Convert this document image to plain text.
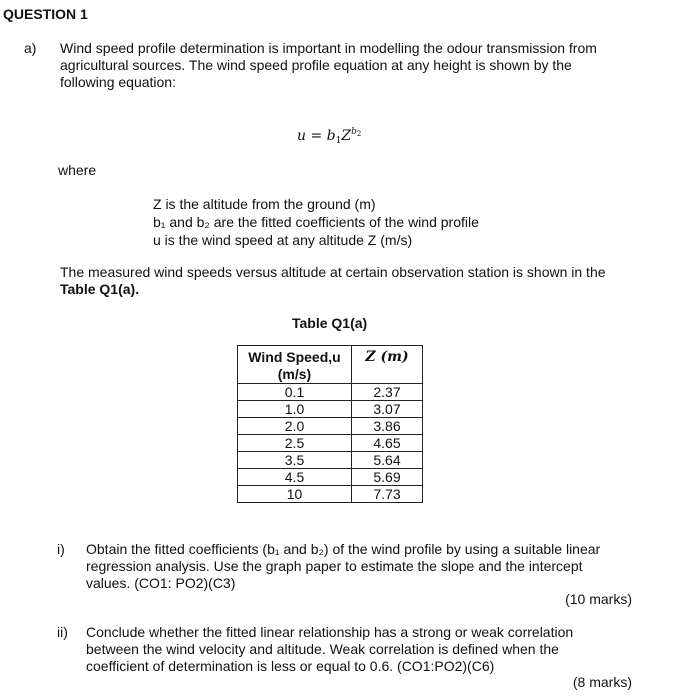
QUESTION 1
a) Wind speed profile determination is important in modelling the odour transmission from
agricultural sources. The wind speed profile equation at any height is shown by the
following equation:
$u = b_1Z^{b_2}$
where
Z is the altitude from the ground (m)
b₁ and b₂ are the fitted coefficients of the wind profile
u is the wind speed at any altitude Z (m/s)
The measured wind speeds versus altitude at certain observation station is shown in the
Table Q1(a).
Table Q1(a)
Wind Speed,u
(m/s)	Z (m)
0.1	2.37
1.0	3.07
2.0	3.86
2.5	4.65
3.5	5.64
4.5	5.69
10	7.73
i) Obtain the fitted coefficients (b₁ and b₂) of the wind profile by using a suitable linear
regression analysis. Use the graph paper to estimate the slope and the intercept
values. (CO1: PO2)(C3)
(10 marks)
ii) Conclude whether the fitted linear relationship has a strong or weak correlation
between the wind velocity and altitude. Weak correlation is defined when the
coefficient of determination is less or equal to 0.6. (CO1:PO2)(C6)
(8 marks)
